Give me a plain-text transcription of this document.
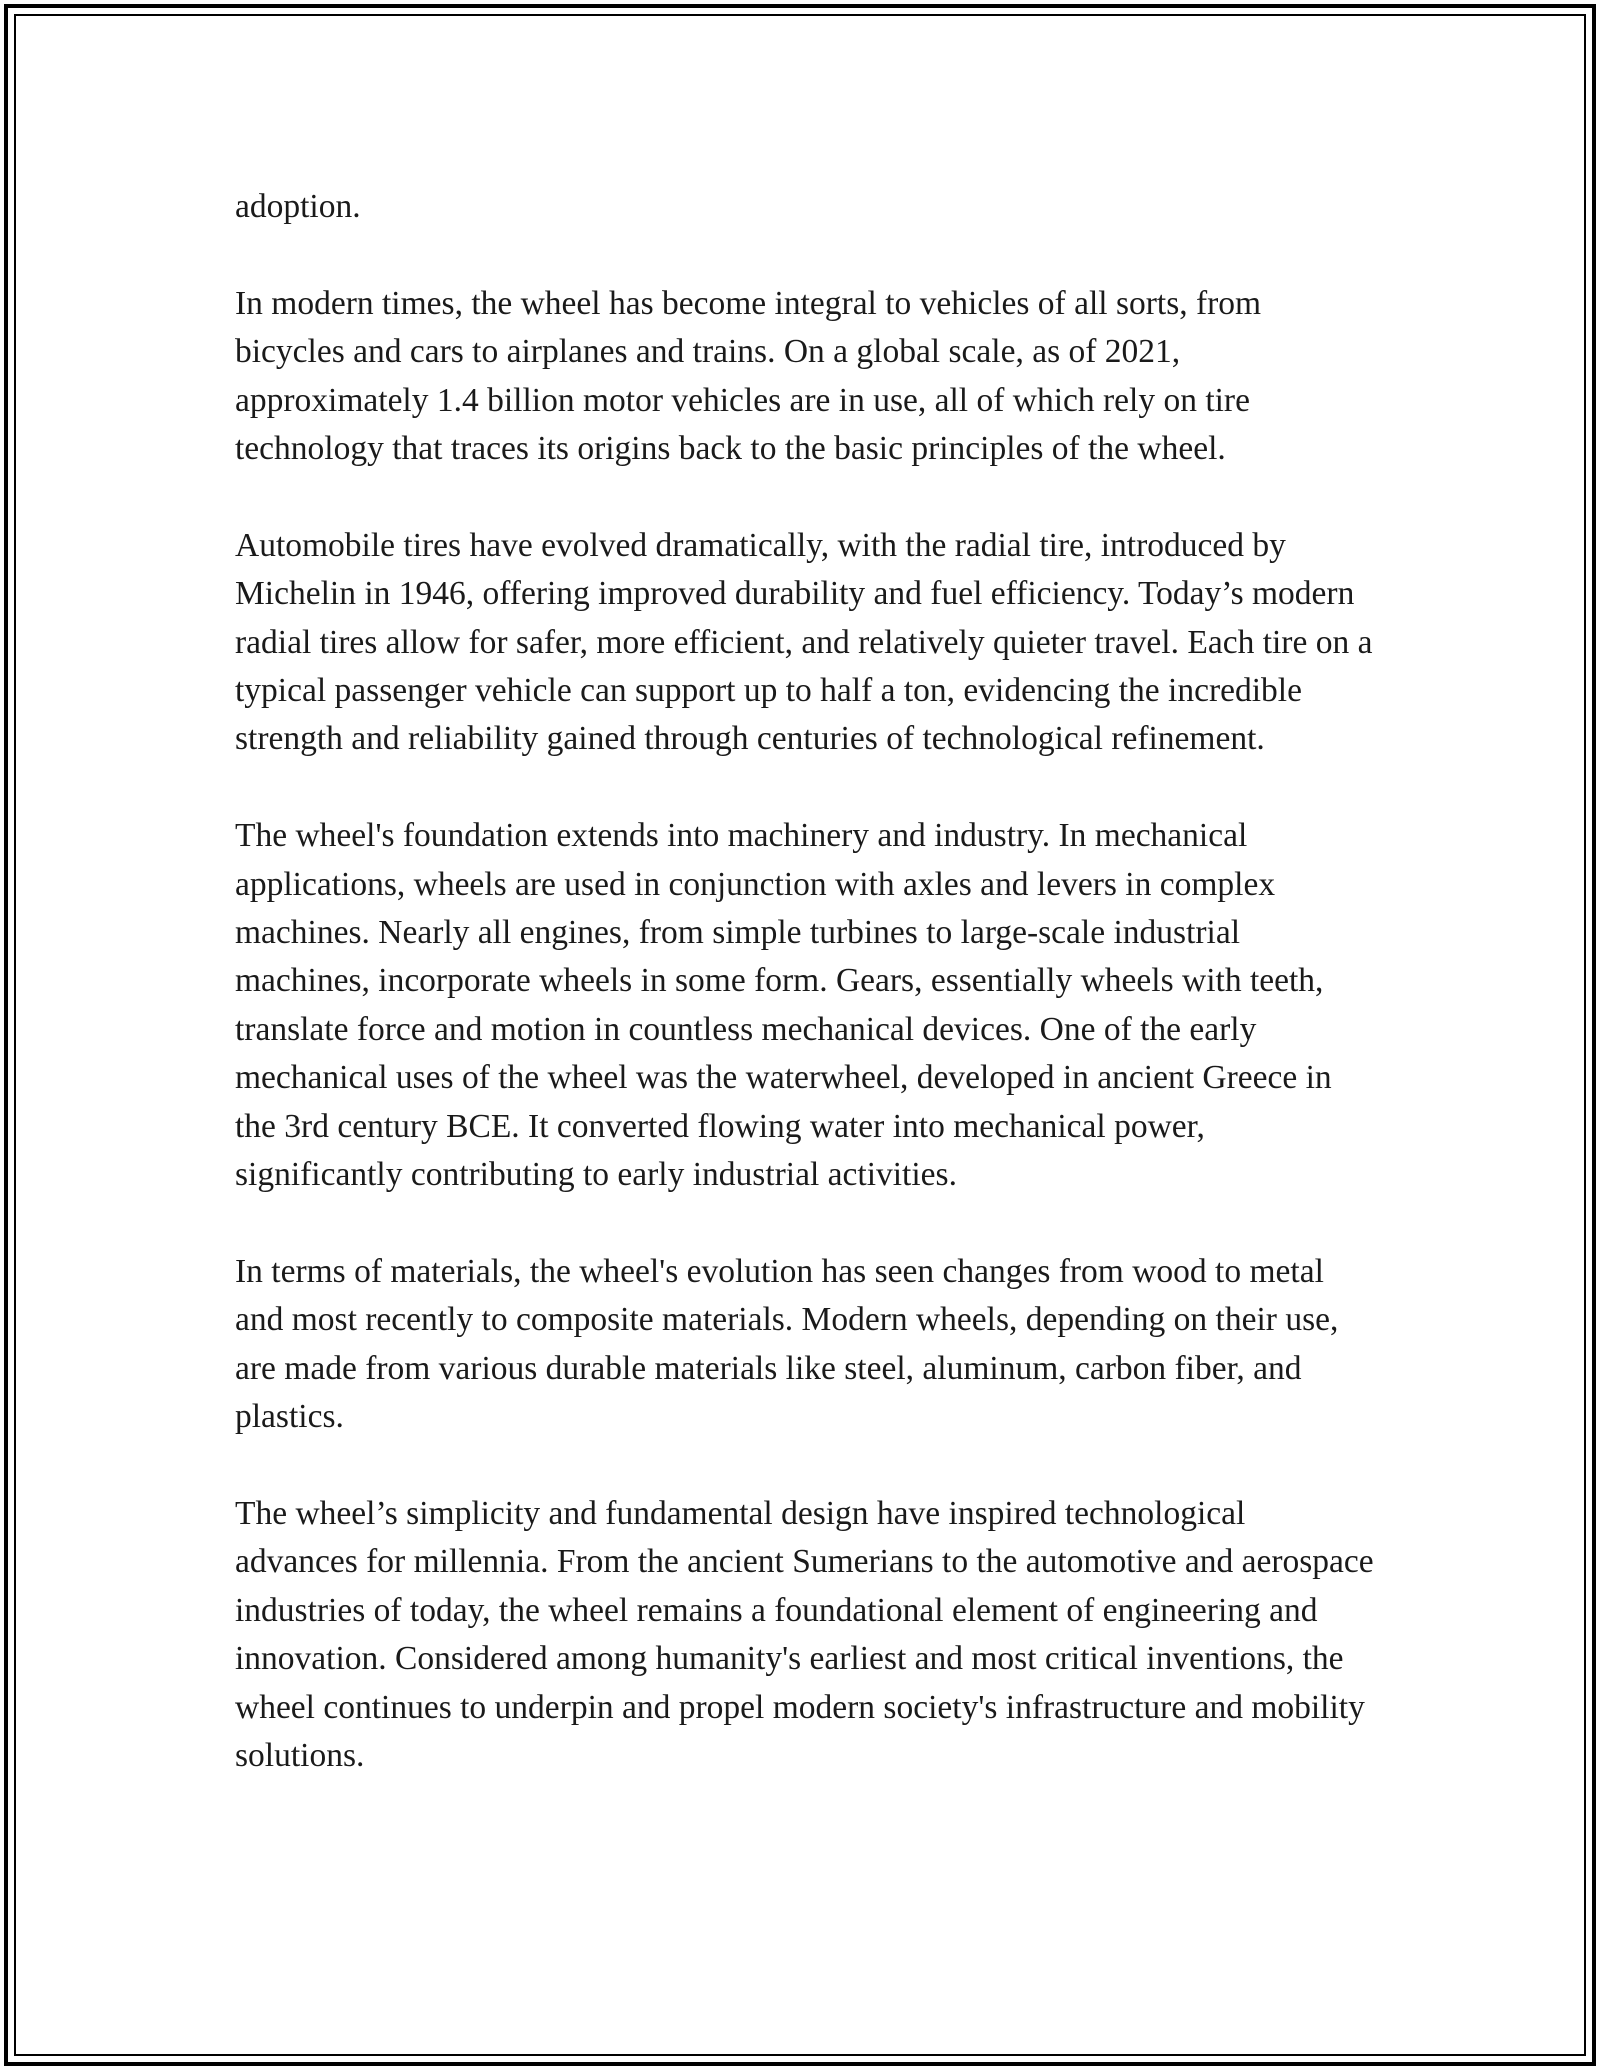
adoption.

In modern times, the wheel has become integral to vehicles of all sorts, from bicycles and cars to airplanes and trains. On a global scale, as of 2021, approximately 1.4 billion motor vehicles are in use, all of which rely on tire technology that traces its origins back to the basic principles of the wheel.

Automobile tires have evolved dramatically, with the radial tire, introduced by Michelin in 1946, offering improved durability and fuel efficiency. Today’s modern radial tires allow for safer, more efficient, and relatively quieter travel. Each tire on a typical passenger vehicle can support up to half a ton, evidencing the incredible strength and reliability gained through centuries of technological refinement.

The wheel's foundation extends into machinery and industry. In mechanical applications, wheels are used in conjunction with axles and levers in complex machines. Nearly all engines, from simple turbines to large-scale industrial machines, incorporate wheels in some form. Gears, essentially wheels with teeth, translate force and motion in countless mechanical devices. One of the early mechanical uses of the wheel was the waterwheel, developed in ancient Greece in the 3rd century BCE. It converted flowing water into mechanical power, significantly contributing to early industrial activities.

In terms of materials, the wheel's evolution has seen changes from wood to metal and most recently to composite materials. Modern wheels, depending on their use, are made from various durable materials like steel, aluminum, carbon fiber, and plastics.

The wheel’s simplicity and fundamental design have inspired technological advances for millennia. From the ancient Sumerians to the automotive and aerospace industries of today, the wheel remains a foundational element of engineering and innovation. Considered among humanity's earliest and most critical inventions, the wheel continues to underpin and propel modern society's infrastructure and mobility solutions.
